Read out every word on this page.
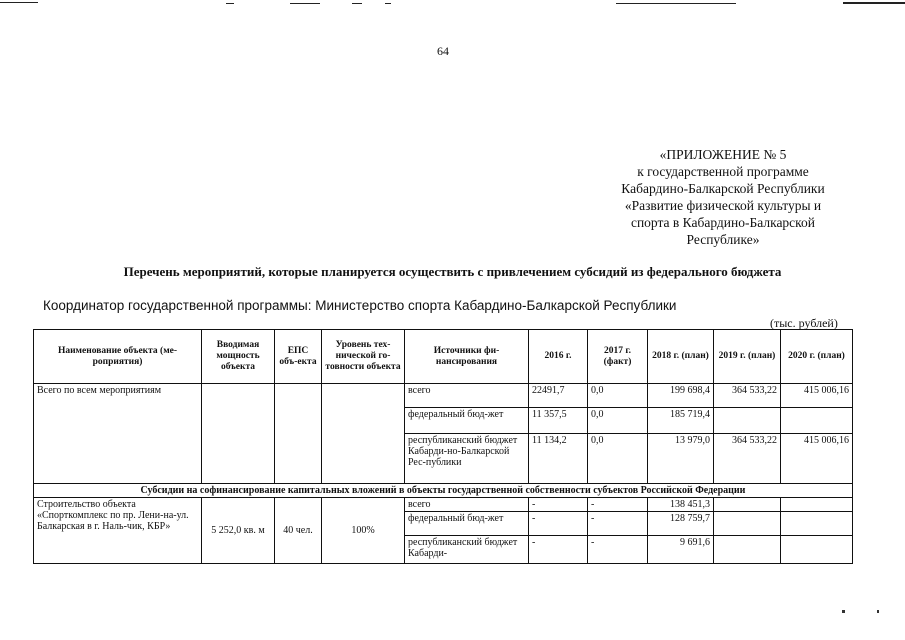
64
«ПРИЛОЖЕНИЕ № 5
к государственной программе
Кабардино-Балкарской Республики
«Развитие физической культуры и
спорта в Кабардино-Балкарской
Республике»
Перечень мероприятий, которые планируется осуществить с привлечением субсидий из федерального бюджета
Координатор государственной программы: Министерство спорта Кабардино-Балкарской Республики
(тыс. рублей)
Наименование объекта (ме-роприятия)	Вводимая мощность объекта	ЕПС объ-екта	Уровень тех-нической го-товности объекта	Источники фи-нансирования	2016 г.	2017 г. (факт)	2018 г. (план)	2019 г. (план)	2020 г. (план)
Всего по всем мероприятиям				всего	22491,7	0,0	199 698,4	364 533,22	415 006,16
				федеральный бюд-жет	11 357,5	0,0	185 719,4		
				республиканский бюджет Кабарди-но-Балкарской Рес-публики	11 134,2	0,0	13 979,0	364 533,22	415 006,16
Субсидии на софинансирование капитальных вложений в объекты государственной собственности субъектов Российской Федерации									
Строительство объекта «Спорткомплекс по пр. Лени-на-ул. Балкарская в г. Наль-чик, КБР»	5 252,0 кв. м	40 чел.	100%	всего	-	-	138 451,3		
				федеральный бюд-жет	-	-	128 759,7		
				республиканский бюджет Кабарди-	-	-	9 691,6		
